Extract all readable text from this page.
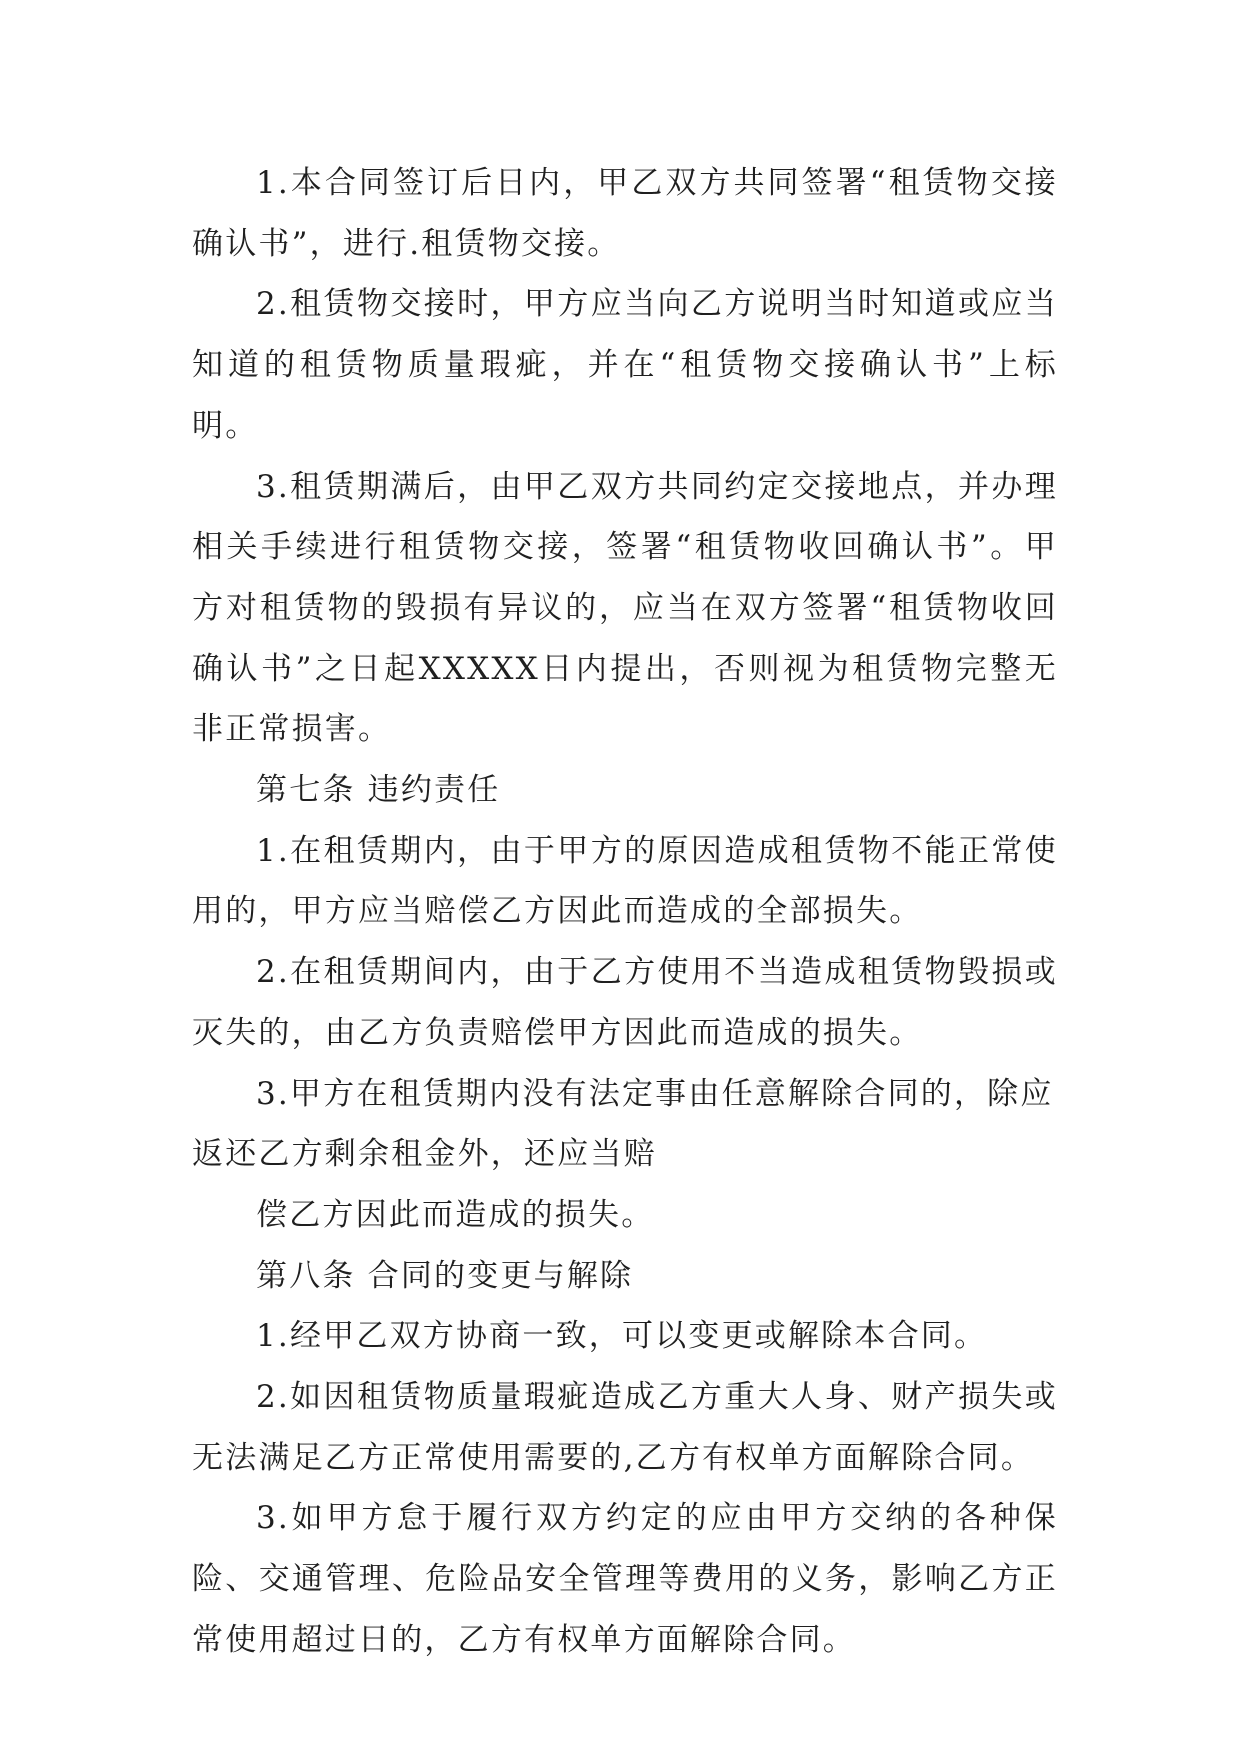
1.本合同签订后日内，甲乙双方共同签署“租赁物交接确认书”，进行.租赁物交接。

2.租赁物交接时，甲方应当向乙方说明当时知道或应当知道的租赁物质量瑕疵，并在“租赁物交接确认书”上标明。

3.租赁期满后，由甲乙双方共同约定交接地点，并办理相关手续进行租赁物交接，签署“租赁物收回确认书”。甲方对租赁物的毁损有异议的，应当在双方签署“租赁物收回确认书”之日起XXXXX日内提出，否则视为租赁物完整无非正常损害。

第七条 违约责任

1.在租赁期内，由于甲方的原因造成租赁物不能正常使用的，甲方应当赔偿乙方因此而造成的全部损失。

2.在租赁期间内，由于乙方使用不当造成租赁物毁损或灭失的，由乙方负责赔偿甲方因此而造成的损失。

3.甲方在租赁期内没有法定事由任意解除合同的，除应返还乙方剩余租金外，还应当赔

偿乙方因此而造成的损失。

第八条 合同的变更与解除

1.经甲乙双方协商一致，可以变更或解除本合同。

2.如因租赁物质量瑕疵造成乙方重大人身、财产损失或无法满足乙方正常使用需要的,乙方有权单方面解除合同。

3.如甲方怠于履行双方约定的应由甲方交纳的各种保险、交通管理、危险品安全管理等费用的义务，影响乙方正常使用超过日的，乙方有权单方面解除合同。
